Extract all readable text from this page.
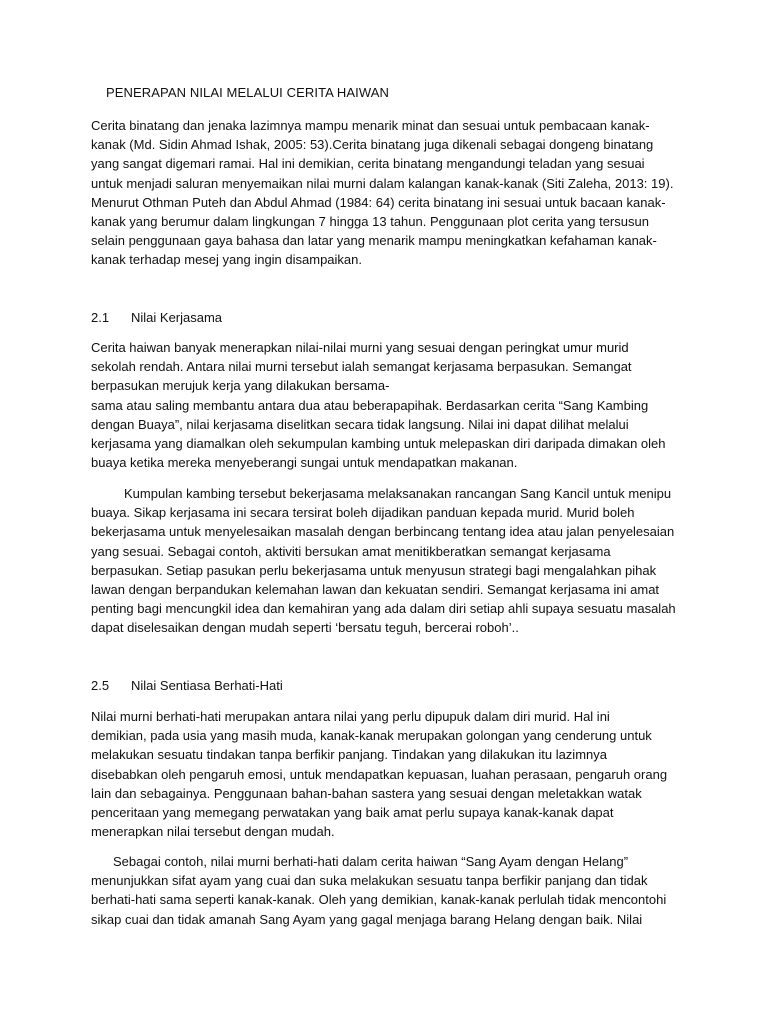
PENERAPAN NILAI MELALUI CERITA HAIWAN

Cerita binatang dan jenaka lazimnya mampu menarik minat dan sesuai untuk pembacaan kanak-
kanak (Md. Sidin Ahmad Ishak, 2005: 53).Cerita binatang juga dikenali sebagai dongeng binatang
yang sangat digemari ramai. Hal ini demikian, cerita binatang mengandungi teladan yang sesuai
untuk menjadi saluran menyemaikan nilai murni dalam kalangan kanak-kanak (Siti Zaleha, 2013: 19).
Menurut Othman Puteh dan Abdul Ahmad (1984: 64) cerita binatang ini sesuai untuk bacaan kanak-
kanak yang berumur dalam lingkungan 7 hingga 13 tahun. Penggunaan plot cerita yang tersusun
selain penggunaan gaya bahasa dan latar yang menarik mampu meningkatkan kefahaman kanak-
kanak terhadap mesej yang ingin disampaikan.

2.1 Nilai Kerjasama

Cerita haiwan banyak menerapkan nilai-nilai murni yang sesuai dengan peringkat umur murid
sekolah rendah. Antara nilai murni tersebut ialah semangat kerjasama berpasukan. Semangat
berpasukan merujuk kerja yang dilakukan bersama-
sama atau saling membantu antara dua atau beberapapihak. Berdasarkan cerita “Sang Kambing
dengan Buaya”, nilai kerjasama diselitkan secara tidak langsung. Nilai ini dapat dilihat melalui
kerjasama yang diamalkan oleh sekumpulan kambing untuk melepaskan diri daripada dimakan oleh
buaya ketika mereka menyeberangi sungai untuk mendapatkan makanan.

Kumpulan kambing tersebut bekerjasama melaksanakan rancangan Sang Kancil untuk menipu
buaya. Sikap kerjasama ini secara tersirat boleh dijadikan panduan kepada murid. Murid boleh
bekerjasama untuk menyelesaikan masalah dengan berbincang tentang idea atau jalan penyelesaian
yang sesuai. Sebagai contoh, aktiviti bersukan amat menitikberatkan semangat kerjasama
berpasukan. Setiap pasukan perlu bekerjasama untuk menyusun strategi bagi mengalahkan pihak
lawan dengan berpandukan kelemahan lawan dan kekuatan sendiri. Semangat kerjasama ini amat
penting bagi mencungkil idea dan kemahiran yang ada dalam diri setiap ahli supaya sesuatu masalah
dapat diselesaikan dengan mudah seperti ‘bersatu teguh, bercerai roboh’..

2.5 Nilai Sentiasa Berhati-Hati

Nilai murni berhati-hati merupakan antara nilai yang perlu dipupuk dalam diri murid. Hal ini
demikian, pada usia yang masih muda, kanak-kanak merupakan golongan yang cenderung untuk
melakukan sesuatu tindakan tanpa berfikir panjang. Tindakan yang dilakukan itu lazimnya
disebabkan oleh pengaruh emosi, untuk mendapatkan kepuasan, luahan perasaan, pengaruh orang
lain dan sebagainya. Penggunaan bahan-bahan sastera yang sesuai dengan meletakkan watak
penceritaan yang memegang perwatakan yang baik amat perlu supaya kanak-kanak dapat
menerapkan nilai tersebut dengan mudah.

Sebagai contoh, nilai murni berhati-hati dalam cerita haiwan “Sang Ayam dengan Helang”
menunjukkan sifat ayam yang cuai dan suka melakukan sesuatu tanpa berfikir panjang dan tidak
berhati-hati sama seperti kanak-kanak. Oleh yang demikian, kanak-kanak perlulah tidak mencontohi
sikap cuai dan tidak amanah Sang Ayam yang gagal menjaga barang Helang dengan baik. Nilai
